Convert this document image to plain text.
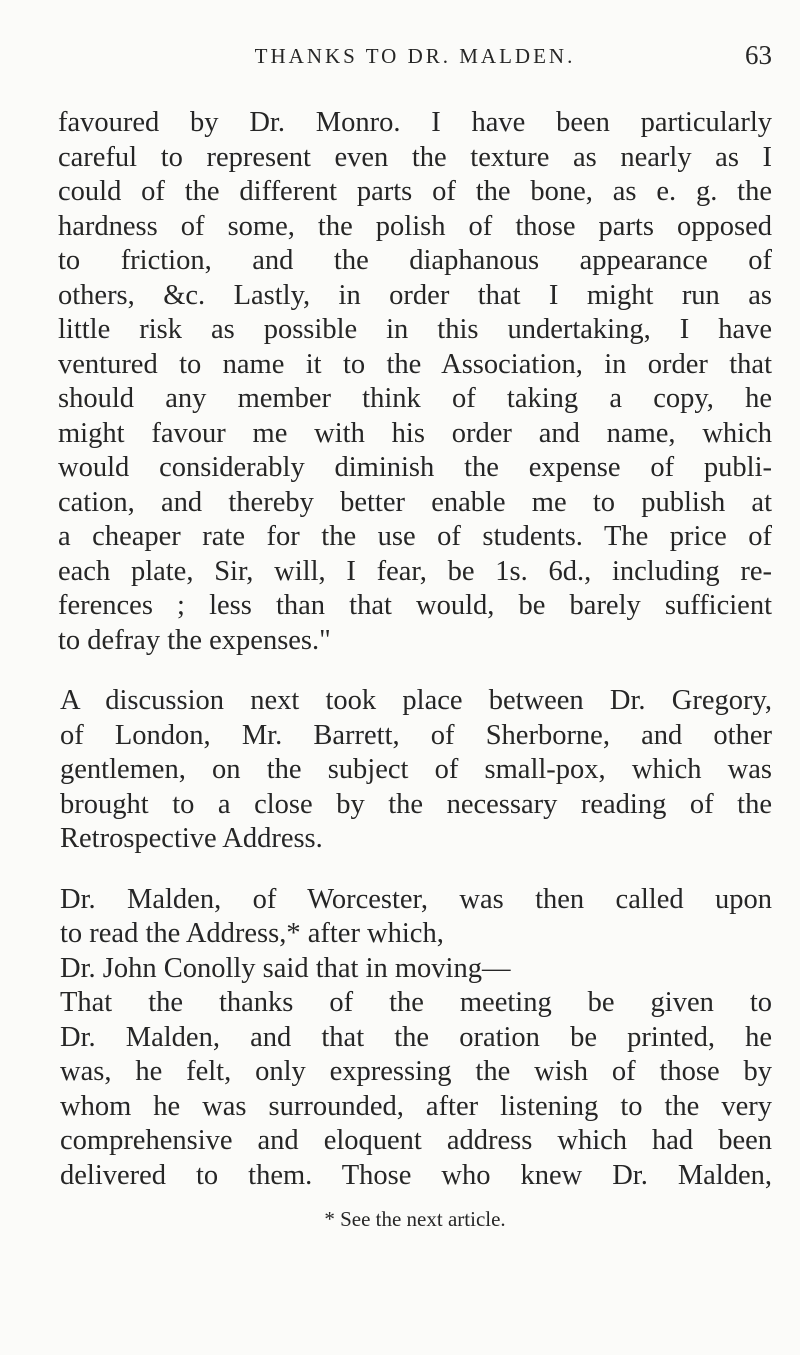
THANKS TO DR. MALDEN.	63

favoured by Dr. Monro. I have been particularly
careful to represent even the texture as nearly as I
could of the different parts of the bone, as e. g. the
hardness of some, the polish of those parts opposed
to friction, and the diaphanous appearance of
others, &c. Lastly, in order that I might run as
little risk as possible in this undertaking, I have
ventured to name it to the Association, in order that
should any member think of taking a copy, he
might favour me with his order and name, which
would considerably diminish the expense of publi-
cation, and thereby better enable me to publish at
a cheaper rate for the use of students. The price of
each plate, Sir, will, I fear, be 1s. 6d., including re-
ferences ; less than that would, be barely sufficient
to defray the expenses."

A discussion next took place between Dr. Gregory,
of London, Mr. Barrett, of Sherborne, and other
gentlemen, on the subject of small-pox, which was
brought to a close by the necessary reading of the
Retrospective Address.

Dr. Malden, of Worcester, was then called upon
to read the Address,* after which,

Dr. John Conolly said that in moving—

That the thanks of the meeting be given to
Dr. Malden, and that the oration be printed, he
was, he felt, only expressing the wish of those by
whom he was surrounded, after listening to the very
comprehensive and eloquent address which had been
delivered to them. Those who knew Dr. Malden,

* See the next article.
